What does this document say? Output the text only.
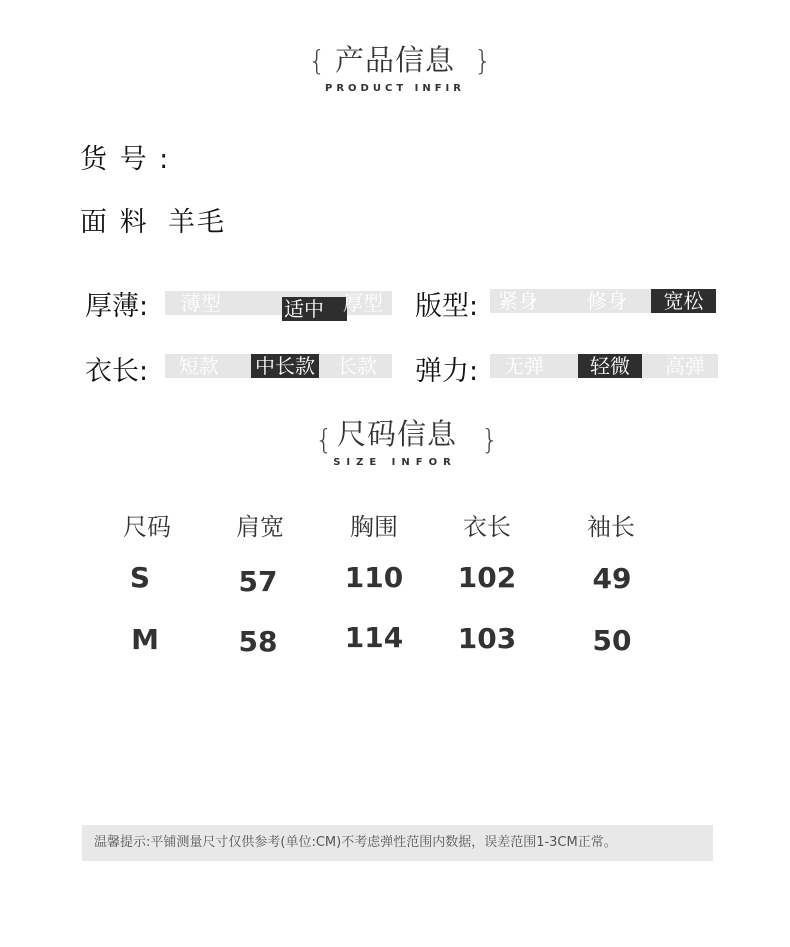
{	}
产品信息
PRODUCT INFIR
货 号 :
面 料 羊毛
厚薄: 薄型	适中 厚型 版型: 紧身 修身	宽松
衣长: 短款 中长款 长款 弹力: 无弹	轻微	高弹
{	}
尺码信息
SIZE INFOR
尺码	肩宽	胸围	衣长	袖长
S	57	110	102	49
M	58	114	103	50
温馨提示:平铺测量尺寸仅供参考(单位:CM)不考虑弹性范围内数据，误差范围1-3CM正常。
